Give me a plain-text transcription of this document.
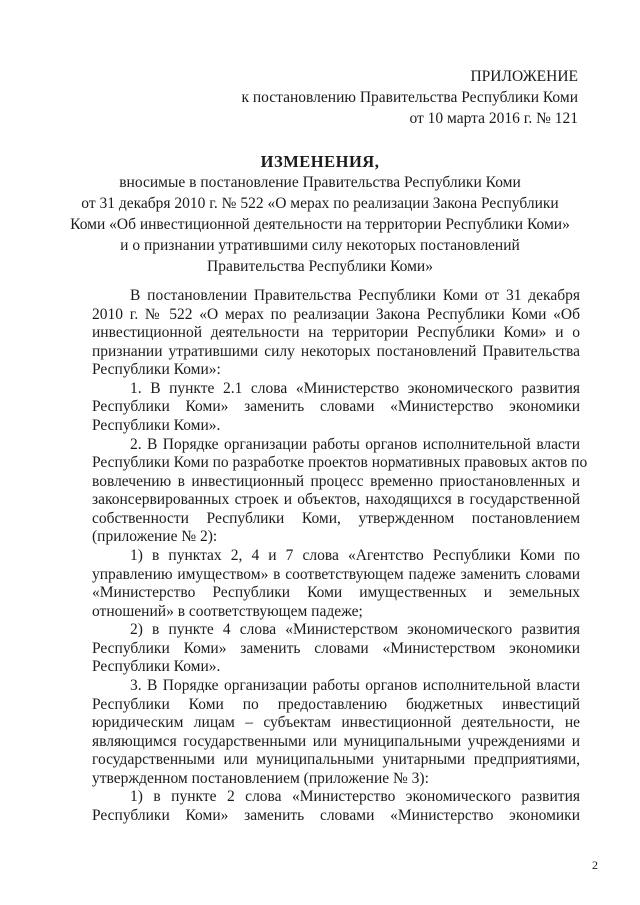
ПРИЛОЖЕНИЕ
к постановлению Правительства Республики Коми
от 10 марта 2016 г. № 121
ИЗМЕНЕНИЯ,
вносимые в постановление Правительства Республики Коми
от 31 декабря 2010 г. № 522 «О мерах по реализации Закона Республики
Коми «Об инвестиционной деятельности на территории Республики Коми»
и о признании утратившими силу некоторых постановлений
Правительства Республики Коми»
В постановлении Правительства Республики Коми от 31 декабря
2010 г. № 522 «О мерах по реализации Закона Республики Коми «Об
инвестиционной деятельности на территории Республики Коми» и о
признании утратившими силу некоторых постановлений Правительства
Республики Коми»:
1. В пункте 2.1 слова «Министерство экономического развития
Республики Коми» заменить словами «Министерство экономики
Республики Коми».
2. В Порядке организации работы органов исполнительной власти
Республики Коми по разработке проектов нормативных правовых актов по
вовлечению в инвестиционный процесс временно приостановленных и
законсервированных строек и объектов, находящихся в государственной
собственности Республики Коми, утвержденном постановлением
(приложение № 2):
1) в пунктах 2, 4 и 7 слова «Агентство Республики Коми по
управлению имуществом» в соответствующем падеже заменить словами
«Министерство Республики Коми имущественных и земельных
отношений» в соответствующем падеже;
2) в пункте 4 слова «Министерством экономического развития
Республики Коми» заменить словами «Министерством экономики
Республики Коми».
3. В Порядке организации работы органов исполнительной власти
Республики Коми по предоставлению бюджетных инвестиций
юридическим лицам – субъектам инвестиционной деятельности, не
являющимся государственными или муниципальными учреждениями и
государственными или муниципальными унитарными предприятиями,
утвержденном постановлением (приложение № 3):
1) в пункте 2 слова «Министерство экономического развития
Республики Коми» заменить словами «Министерство экономики
2
